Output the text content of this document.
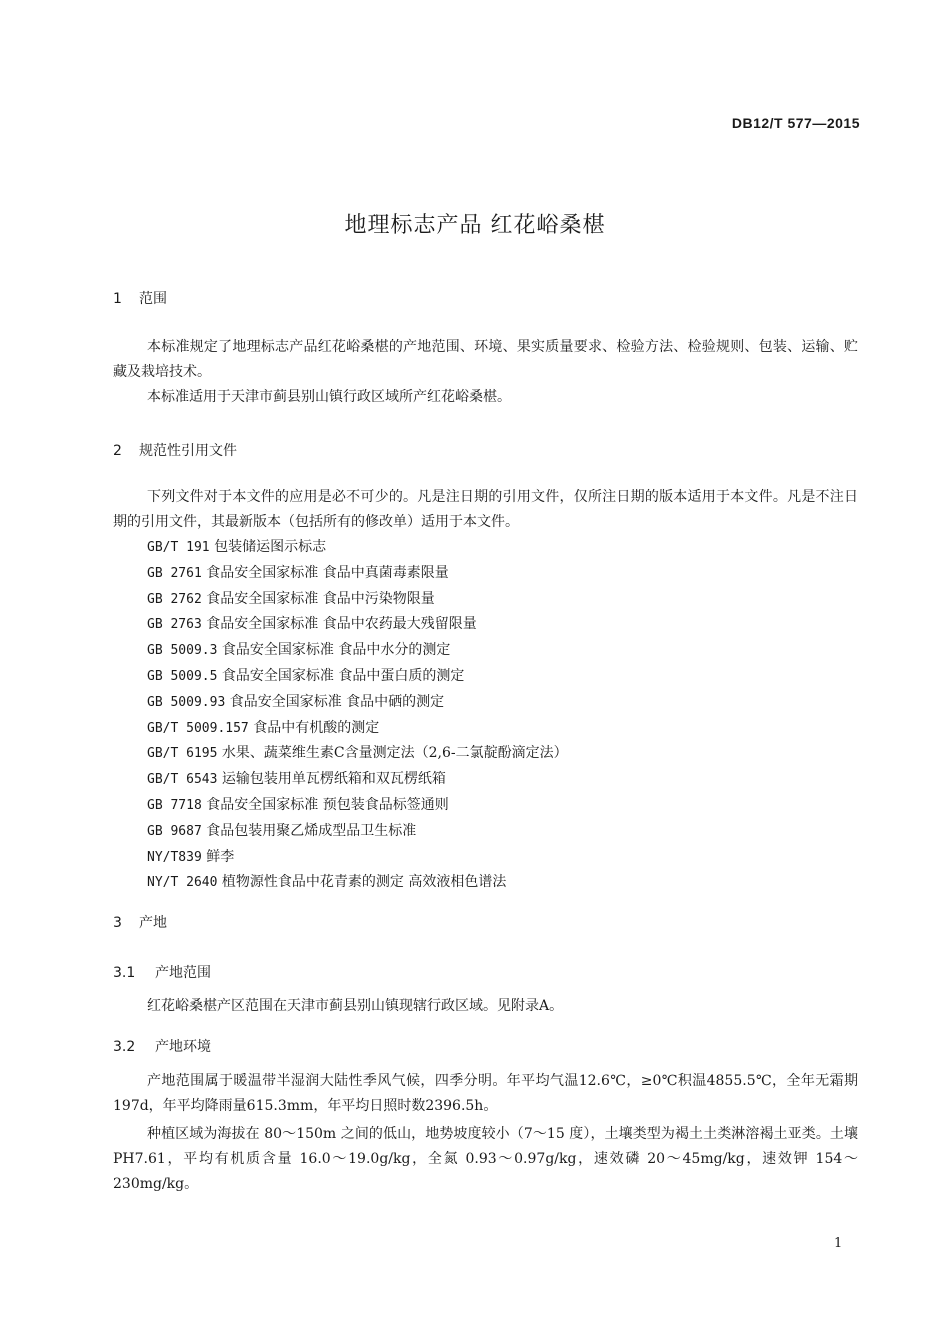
DB12/T 577—2015
地理标志产品 红花峪桑椹
1 范围
本标准规定了地理标志产品红花峪桑椹的产地范围、环境、果实质量要求、检验方法、检验规则、包装、运输、贮藏及栽培技术。
本标准适用于天津市蓟县别山镇行政区域所产红花峪桑椹。
2 规范性引用文件
下列文件对于本文件的应用是必不可少的。凡是注日期的引用文件，仅所注日期的版本适用于本文件。凡是不注日期的引用文件，其最新版本（包括所有的修改单）适用于本文件。
GB/T 191 包装储运图示标志
GB 2761 食品安全国家标准 食品中真菌毒素限量
GB 2762 食品安全国家标准 食品中污染物限量
GB 2763 食品安全国家标准 食品中农药最大残留限量
GB 5009.3 食品安全国家标准 食品中水分的测定
GB 5009.5 食品安全国家标准 食品中蛋白质的测定
GB 5009.93 食品安全国家标准 食品中硒的测定
GB/T 5009.157 食品中有机酸的测定
GB/T 6195 水果、蔬菜维生素C含量测定法（2,6-二氯靛酚滴定法）
GB/T 6543 运输包装用单瓦楞纸箱和双瓦楞纸箱
GB 7718 食品安全国家标准 预包装食品标签通则
GB 9687 食品包装用聚乙烯成型品卫生标准
NY/T839 鲜李
NY/T 2640 植物源性食品中花青素的测定 高效液相色谱法
3 产地
3.1 产地范围
红花峪桑椹产区范围在天津市蓟县别山镇现辖行政区域。见附录A。
3.2 产地环境
产地范围属于暖温带半湿润大陆性季风气候，四季分明。年平均气温12.6℃，≥0℃积温4855.5℃，全年无霜期197d，年平均降雨量615.3mm，年平均日照时数2396.5h。
种植区域为海拔在 80～150m 之间的低山，地势坡度较小（7～15 度），土壤类型为褐土土类淋溶褐土亚类。土壤 PH7.61，平均有机质含量 16.0～19.0g/kg，全氮 0.93～0.97g/kg，速效磷 20～45mg/kg，速效钾 154～230mg/kg。
1
